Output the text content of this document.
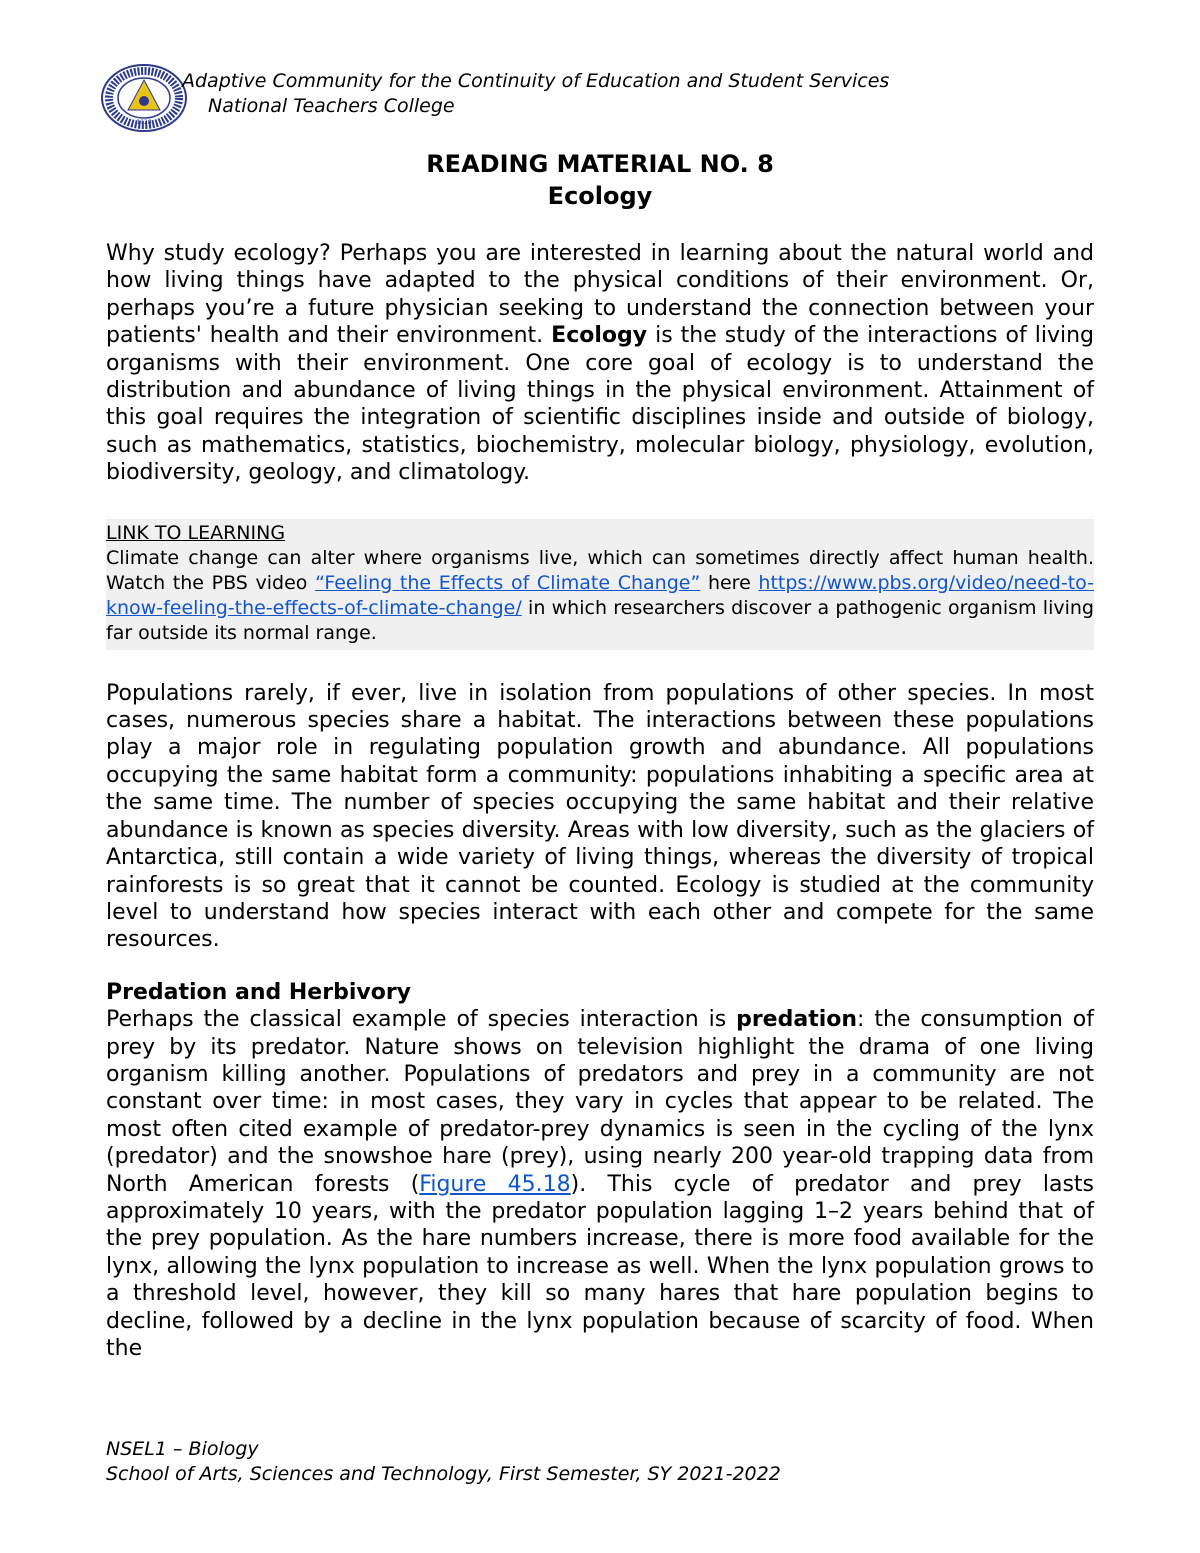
1928
Adaptive Community for the Continuity of Education and Student Services
National Teachers College
READING MATERIAL NO. 8
Ecology

Why study ecology? Perhaps you are interested in learning about the natural world and how living things have adapted to the physical conditions of their environment. Or, perhaps you’re a future physician seeking to understand the connection between your patients' health and their environment. Ecology is the study of the interactions of living organisms with their environment. One core goal of ecology is to understand the distribution and abundance of living things in the physical environment. Attainment of this goal requires the integration of scientific disciplines inside and outside of biology, such as mathematics, statistics, biochemistry, molecular biology, physiology, evolution, biodiversity, geology, and climatology.

LINK TO LEARNING
Climate change can alter where organisms live, which can sometimes directly affect human health. Watch the PBS video “Feeling the Effects of Climate Change” here https://www.pbs.org/video/need-to-know-feeling-the-effects-of-climate-change/ in which researchers discover a pathogenic organism living far outside its normal range.

Populations rarely, if ever, live in isolation from populations of other species. In most cases, numerous species share a habitat. The interactions between these populations play a major role in regulating population growth and abundance. All populations occupying the same habitat form a community: populations inhabiting a specific area at the same time. The number of species occupying the same habitat and their relative abundance is known as species diversity. Areas with low diversity, such as the glaciers of Antarctica, still contain a wide variety of living things, whereas the diversity of tropical rainforests is so great that it cannot be counted. Ecology is studied at the community level to understand how species interact with each other and compete for the same resources.

Predation and Herbivory

Perhaps the classical example of species interaction is predation: the consumption of prey by its predator. Nature shows on television highlight the drama of one living organism killing another. Populations of predators and prey in a community are not constant over time: in most cases, they vary in cycles that appear to be related. The most often cited example of predator-prey dynamics is seen in the cycling of the lynx (predator) and the snowshoe hare (prey), using nearly 200 year-old trapping data from North American forests (Figure 45.18). This cycle of predator and prey lasts approximately 10 years, with the predator population lagging 1–2 years behind that of the prey population. As the hare numbers increase, there is more food available for the lynx, allowing the lynx population to increase as well. When the lynx population grows to a threshold level, however, they kill so many hares that hare population begins to decline, followed by a decline in the lynx population because of scarcity of food. When the

NSEL1 – Biology
School of Arts, Sciences and Technology, First Semester, SY 2021-2022
